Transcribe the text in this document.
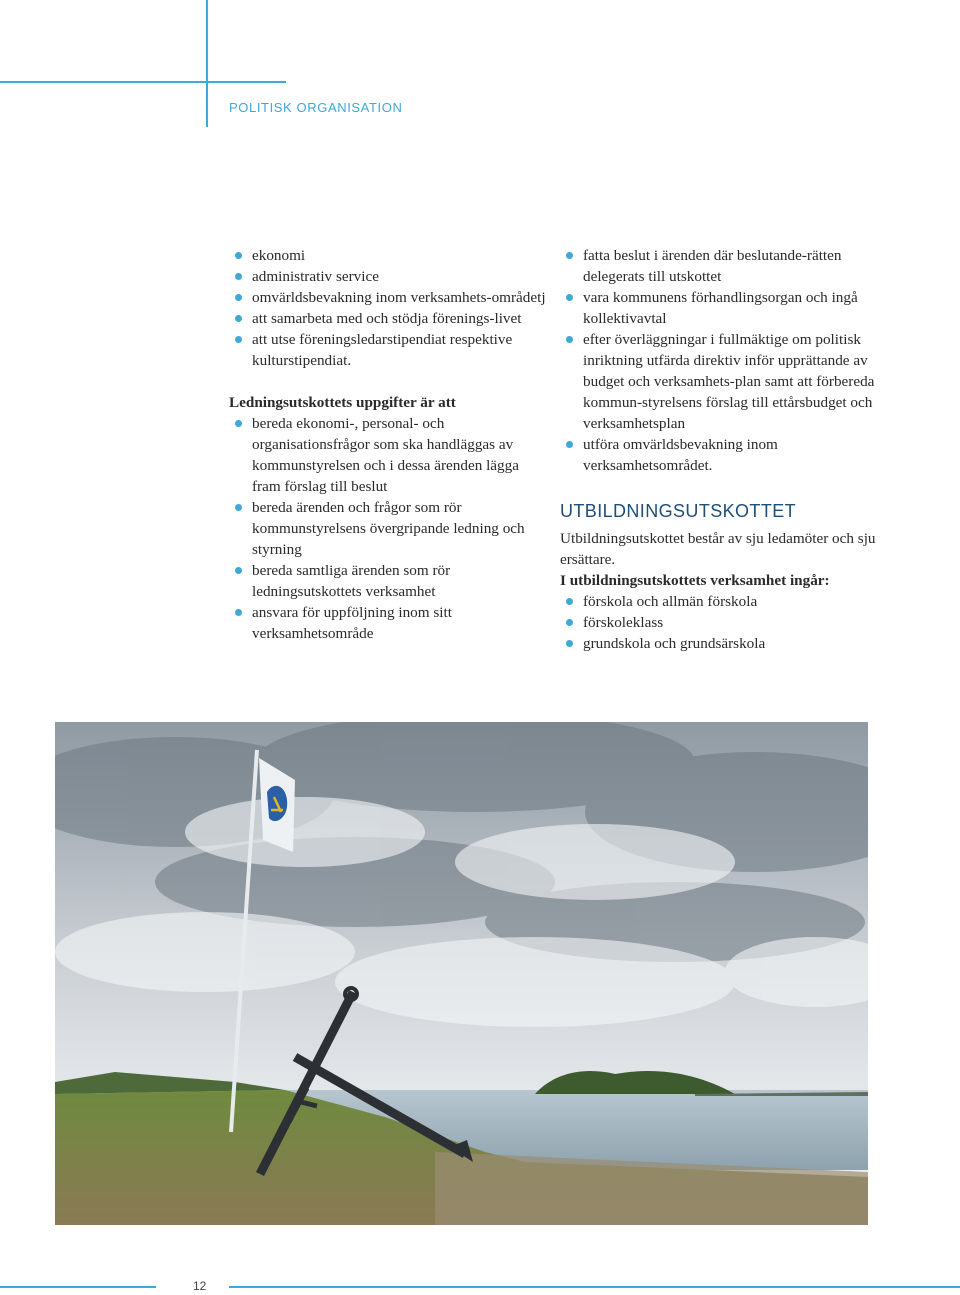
POLITISK ORGANISATION
ekonomi
administrativ service
omvärldsbevakning inom verksamhets-områdetj
att samarbeta med och stödja förenings-livet
att utse föreningsledarstipendiat respektive kulturstipendiat.
Ledningsutskottets uppgifter är att
bereda ekonomi-, personal- och organisationsfrågor som ska handläggas av kommunstyrelsen och i dessa ärenden lägga fram förslag till beslut
bereda ärenden och frågor som rör kommunstyrelsens övergripande ledning och styrning
bereda samtliga ärenden som rör ledningsutskottets verksamhet
ansvara för uppföljning inom sitt verksamhetsområde
fatta beslut i ärenden där beslutande-rätten delegerats till utskottet
vara kommunens förhandlingsorgan och ingå kollektivavtal
efter överläggningar i fullmäktige om politisk inriktning utfärda direktiv inför upprättande av budget och verksamhets-plan samt att förbereda kommun-styrelsens förslag till ettårsbudget och verksamhetsplan
utföra omvärldsbevakning inom verksamhetsområdet.
UTBILDNINGSUTSKOTTET
Utbildningsutskottet består av sju ledamöter och sju ersättare.
I utbildningsutskottets verksamhet ingår:
förskola och allmän förskola
förskoleklass
grundskola och grundsärskola
12
